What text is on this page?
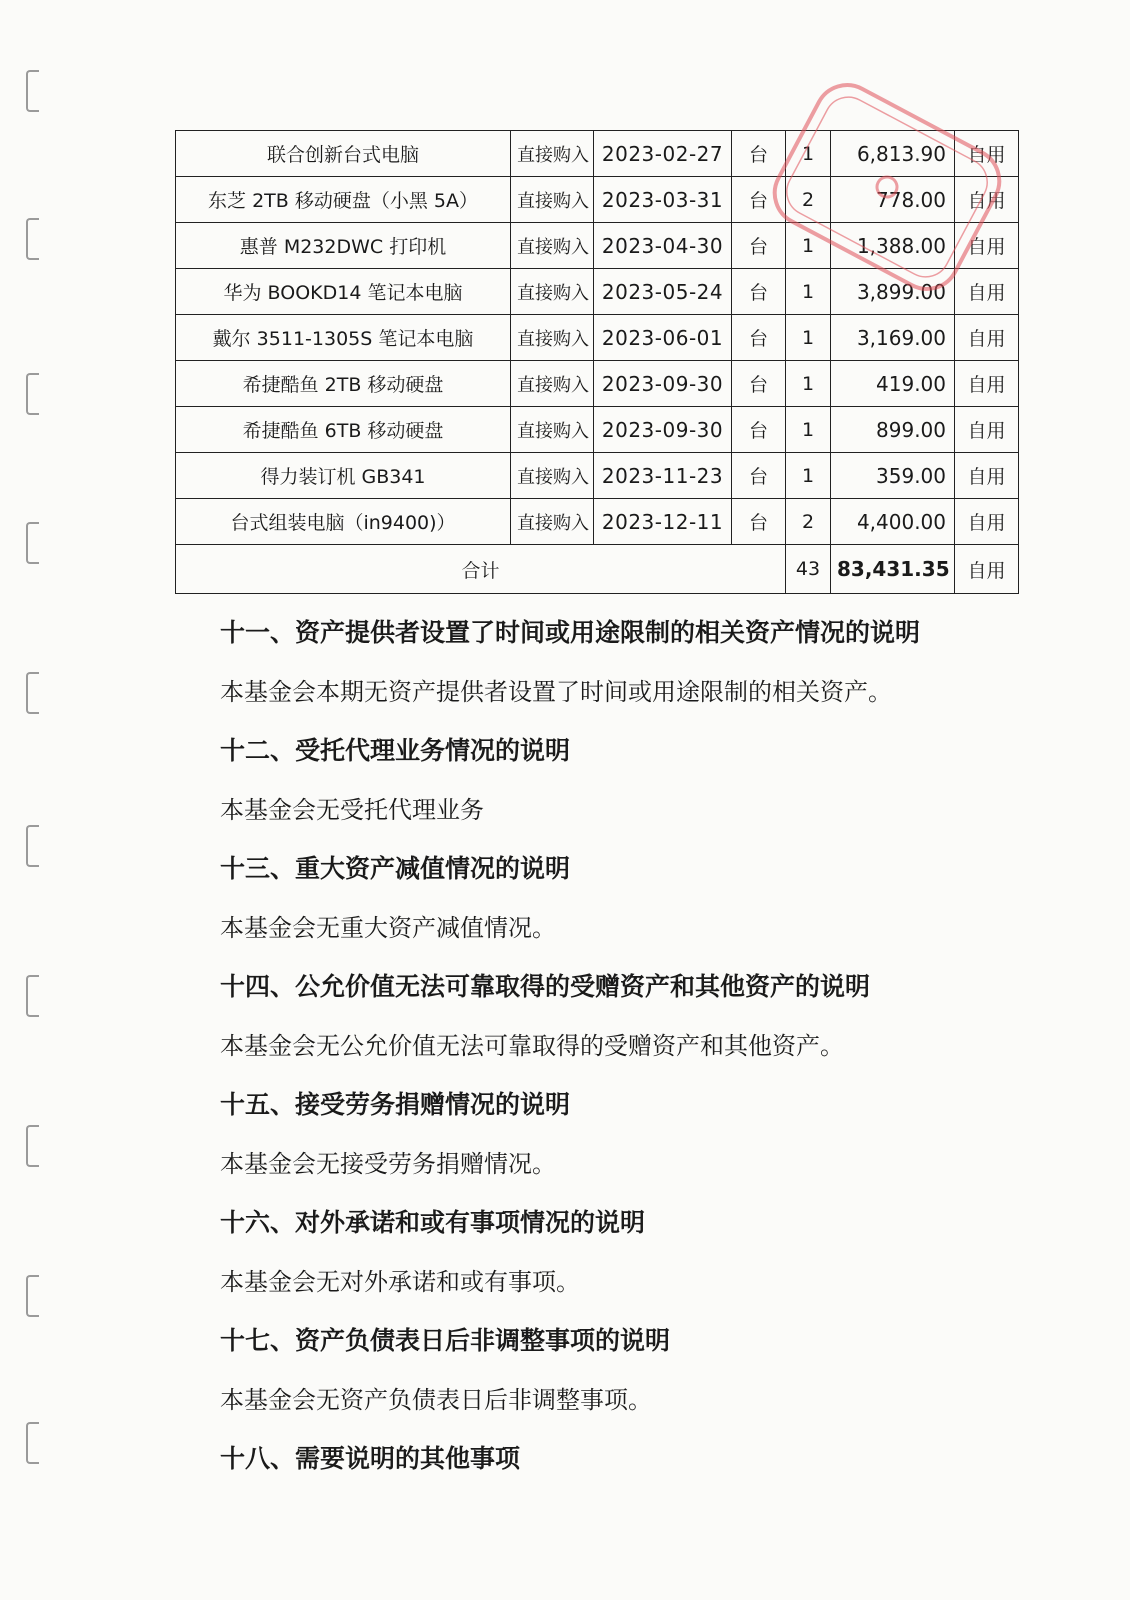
联合创新台式电脑	直接购入	2023-02-27	台	1	6,813.90	自用
东芝 2TB 移动硬盘（小黑 5A）	直接购入	2023-03-31	台	2	778.00	自用
惠普 M232DWC 打印机	直接购入	2023-04-30	台	1	1,388.00	自用
华为 BOOKD14 笔记本电脑	直接购入	2023-05-24	台	1	3,899.00	自用
戴尔 3511-1305S 笔记本电脑	直接购入	2023-06-01	台	1	3,169.00	自用
希捷酷鱼 2TB 移动硬盘	直接购入	2023-09-30	台	1	419.00	自用
希捷酷鱼 6TB 移动硬盘	直接购入	2023-09-30	台	1	899.00	自用
得力装订机 GB341	直接购入	2023-11-23	台	1	359.00	自用
台式组装电脑（in9400)）	直接购入	2023-12-11	台	2	4,400.00	自用
合计				43	83,431.35	自用
十一、资产提供者设置了时间或用途限制的相关资产情况的说明
本基金会本期无资产提供者设置了时间或用途限制的相关资产。
十二、受托代理业务情况的说明
本基金会无受托代理业务
十三、重大资产减值情况的说明
本基金会无重大资产减值情况。
十四、公允价值无法可靠取得的受赠资产和其他资产的说明
本基金会无公允价值无法可靠取得的受赠资产和其他资产。
十五、接受劳务捐赠情况的说明
本基金会无接受劳务捐赠情况。
十六、对外承诺和或有事项情况的说明
本基金会无对外承诺和或有事项。
十七、资产负债表日后非调整事项的说明
本基金会无资产负债表日后非调整事项。
十八、需要说明的其他事项
